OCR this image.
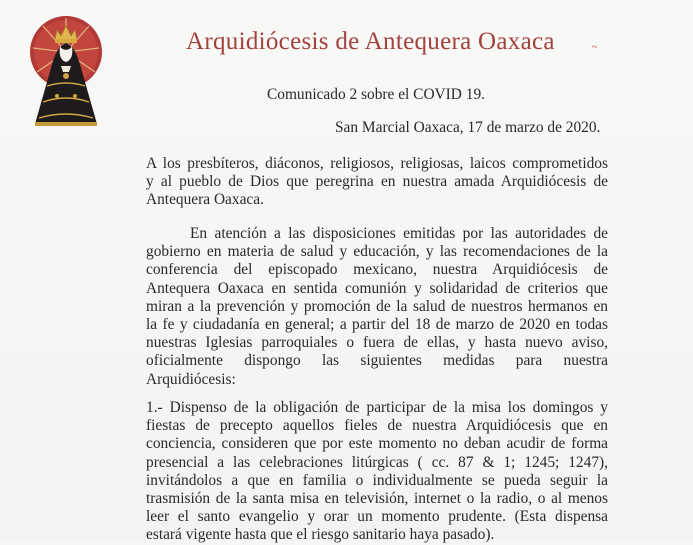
Arquidiócesis de Antequera Oaxaca	~
Comunicado 2 sobre el COVID 19.
San Marcial Oaxaca, 17 de marzo de 2020.
A los presbíteros, diáconos, religiosos, religiosas, laicos comprometidos
y al pueblo de Dios que peregrina en nuestra amada Arquidiócesis de
Antequera Oaxaca.
En atención a las disposiciones emitidas por las autoridades de
gobierno en materia de salud y educación, y las recomendaciones de la
conferencia del episcopado mexicano, nuestra Arquidiócesis de
Antequera Oaxaca en sentida comunión y solidaridad de criterios que
miran a la prevención y promoción de la salud de nuestros hermanos en
la fe y ciudadanía en general; a partir del 18 de marzo de 2020 en todas
nuestras Iglesias parroquiales o fuera de ellas, y hasta nuevo aviso,
oficialmente dispongo las siguientes medidas para nuestra
Arquidiócesis:
1.- Dispenso de la obligación de participar de la misa los domingos y
fiestas de precepto aquellos fieles de nuestra Arquidiócesis que en
conciencia, consideren que por este momento no deban acudir de forma
presencial a las celebraciones litúrgicas ( cc. 87 & 1; 1245; 1247),
invitándolos a que en familia o individualmente se pueda seguir la
trasmisión de la santa misa en televisión, internet o la radio, o al menos
leer el santo evangelio y orar un momento prudente. (Esta dispensa
estará vigente hasta que el riesgo sanitario haya pasado).
